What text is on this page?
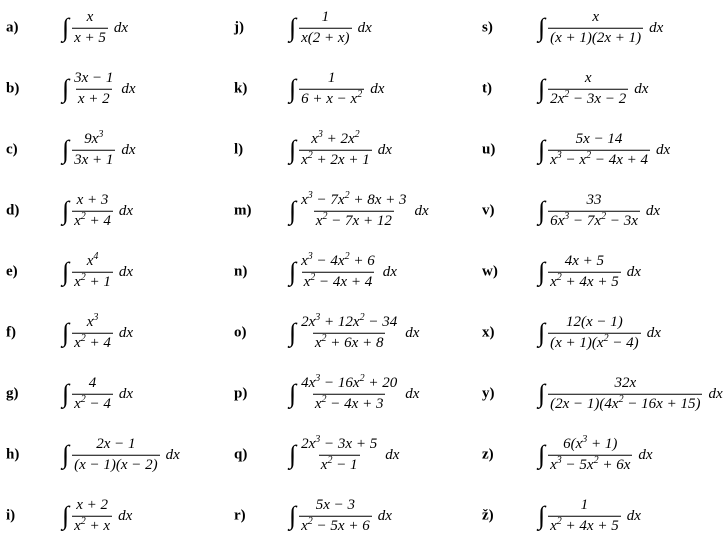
a) ∫ $\frac{x}{x + 5}$ dx
b) ∫ $\frac{3x - 1}{x + 2}$ dx
c) ∫ $\frac{9x^3}{3x + 1}$ dx
d) ∫ $\frac{x + 3}{x^2 + 4}$ dx
e) ∫ $\frac{x^4}{x^2 + 1}$ dx
f) ∫ $\frac{x^3}{x^2 + 4}$ dx
g) ∫ $\frac{4}{x^2 - 4}$ dx
h) ∫ $\frac{2x - 1}{(x - 1)(x - 2)}$ dx
i) ∫ $\frac{x + 2}{x^2 + x}$ dx
j) ∫ $\frac{1}{x(2 + x)}$ dx
k) ∫ $\frac{1}{6 + x - x^2}$ dx
l) ∫ $\frac{x^3 + 2x^2}{x^2 + 2x + 1}$ dx
m) ∫ $\frac{x^3 - 7x^2 + 8x + 3}{x^2 - 7x + 12}$ dx
n) ∫ $\frac{x^3 - 4x^2 + 6}{x^2 - 4x + 4}$ dx
o) ∫ $\frac{2x^3 + 12x^2 - 34}{x^2 + 6x + 8}$ dx
p) ∫ $\frac{4x^3 - 16x^2 + 20}{x^2 - 4x + 3}$ dx
q) ∫ $\frac{2x^3 - 3x + 5}{x^2 - 1}$ dx
r) ∫ $\frac{5x - 3}{x^2 - 5x + 6}$ dx
s) ∫ $\frac{x}{(x + 1)(2x + 1)}$ dx
t) ∫ $\frac{x}{2x^2 - 3x - 2}$ dx
u) ∫ $\frac{5x - 14}{x^3 - x^2 - 4x + 4}$ dx
v) ∫ $\frac{33}{6x^3 - 7x^2 - 3x}$ dx
w) ∫ $\frac{4x + 5}{x^2 + 4x + 5}$ dx
x) ∫ $\frac{12(x - 1)}{(x + 1)(x^2 - 4)}$ dx
y) ∫ $\frac{32x}{(2x - 1)(4x^2 - 16x + 15)}$ dx
z) ∫ $\frac{6(x^3 + 1)}{x^3 - 5x^2 + 6x}$ dx
ž) ∫ $\frac{1}{x^2 + 4x + 5}$ dx
